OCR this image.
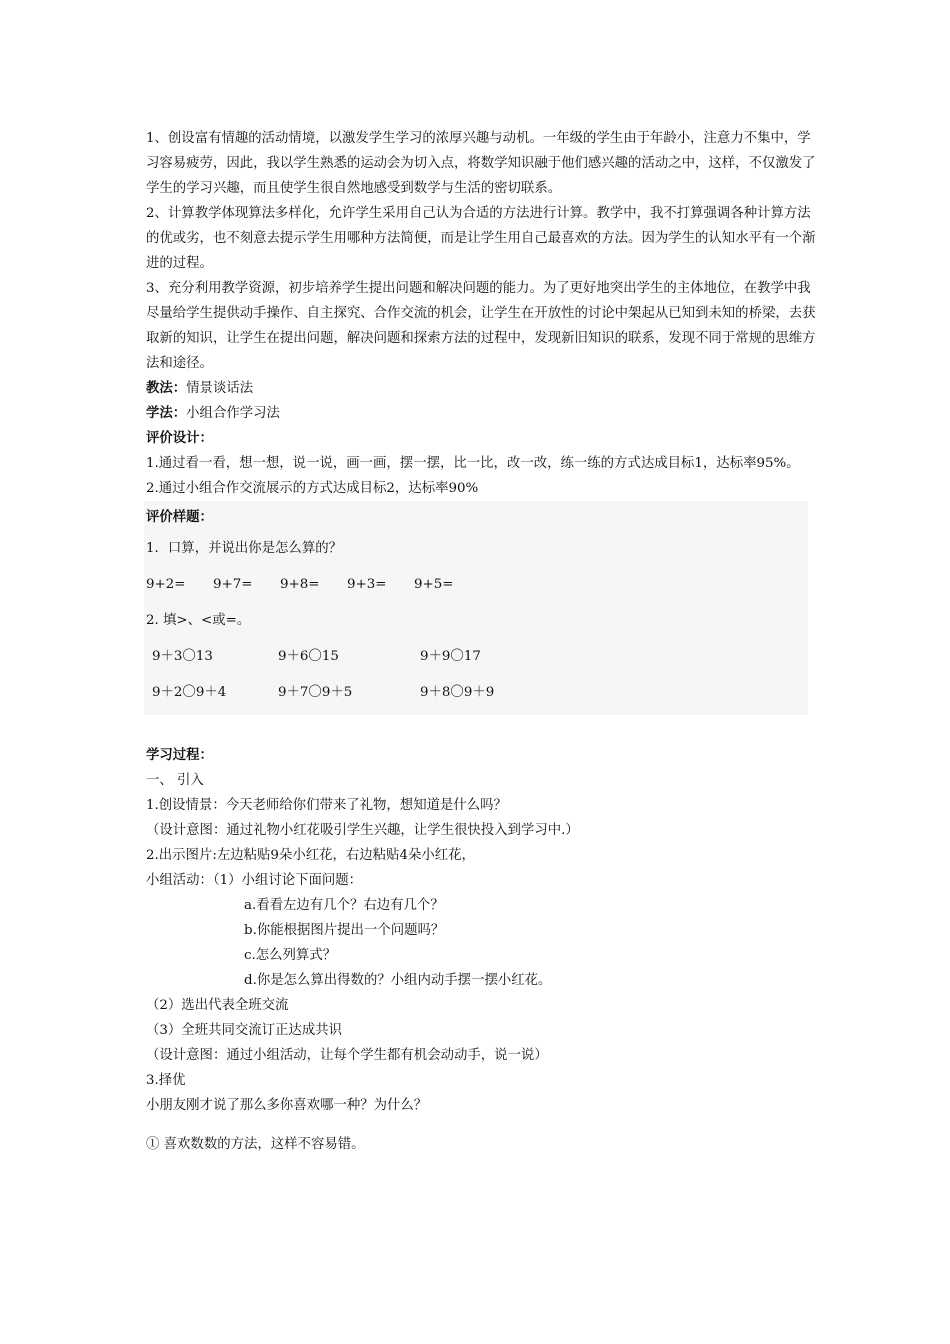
1、创设富有情趣的活动情境，以激发学生学习的浓厚兴趣与动机。一年级的学生由于年龄小，注意力不集中，学习容易疲劳，因此，我以学生熟悉的运动会为切入点，将数学知识融于他们感兴趣的活动之中，这样，不仅激发了学生的学习兴趣，而且使学生很自然地感受到数学与生活的密切联系。

2、计算教学体现算法多样化，允许学生采用自己认为合适的方法进行计算。教学中，我不打算强调各种计算方法的优或劣，也不刻意去提示学生用哪种方法简便，而是让学生用自己最喜欢的方法。因为学生的认知水平有一个渐进的过程。

3、充分利用教学资源，初步培养学生提出问题和解决问题的能力。为了更好地突出学生的主体地位，在教学中我尽量给学生提供动手操作、自主探究、合作交流的机会，让学生在开放性的讨论中架起从已知到未知的桥梁，去获取新的知识，让学生在提出问题，解决问题和探索方法的过程中，发现新旧知识的联系，发现不同于常规的思维方法和途径。

教法：情景谈话法

学法：小组合作学习法

评价设计：

1.通过看一看，想一想，说一说，画一画，摆一摆，比一比，改一改，练一练的方式达成目标1，达标率95%。

2.通过小组合作交流展示的方式达成目标2，达标率90%

评价样题：

1．口算，并说出你是怎么算的？

9+2=	9+7=	9+8=	9+3=	9+5=

2. 填>、<或=。

9＋3〇13	9＋6〇15	9＋9〇17
9＋2〇9＋4	9＋7〇9＋5	9＋8〇9＋9

学习过程：

一、 引入

1.创设情景：今天老师给你们带来了礼物，想知道是什么吗？

（设计意图：通过礼物小红花吸引学生兴趣，让学生很快投入到学习中.）

2.出示图片:左边粘贴9朵小红花，右边粘贴4朵小红花，

小组活动：（1）小组讨论下面问题：

a.看看左边有几个？右边有几个？

b.你能根据图片提出一个问题吗？

c.怎么列算式？

d.你是怎么算出得数的？小组内动手摆一摆小红花。

（2）选出代表全班交流

（3）全班共同交流订正达成共识

（设计意图：通过小组活动，让每个学生都有机会动动手，说一说）

3.择优

小朋友刚才说了那么多你喜欢哪一种？为什么？

① 喜欢数数的方法，这样不容易错。
